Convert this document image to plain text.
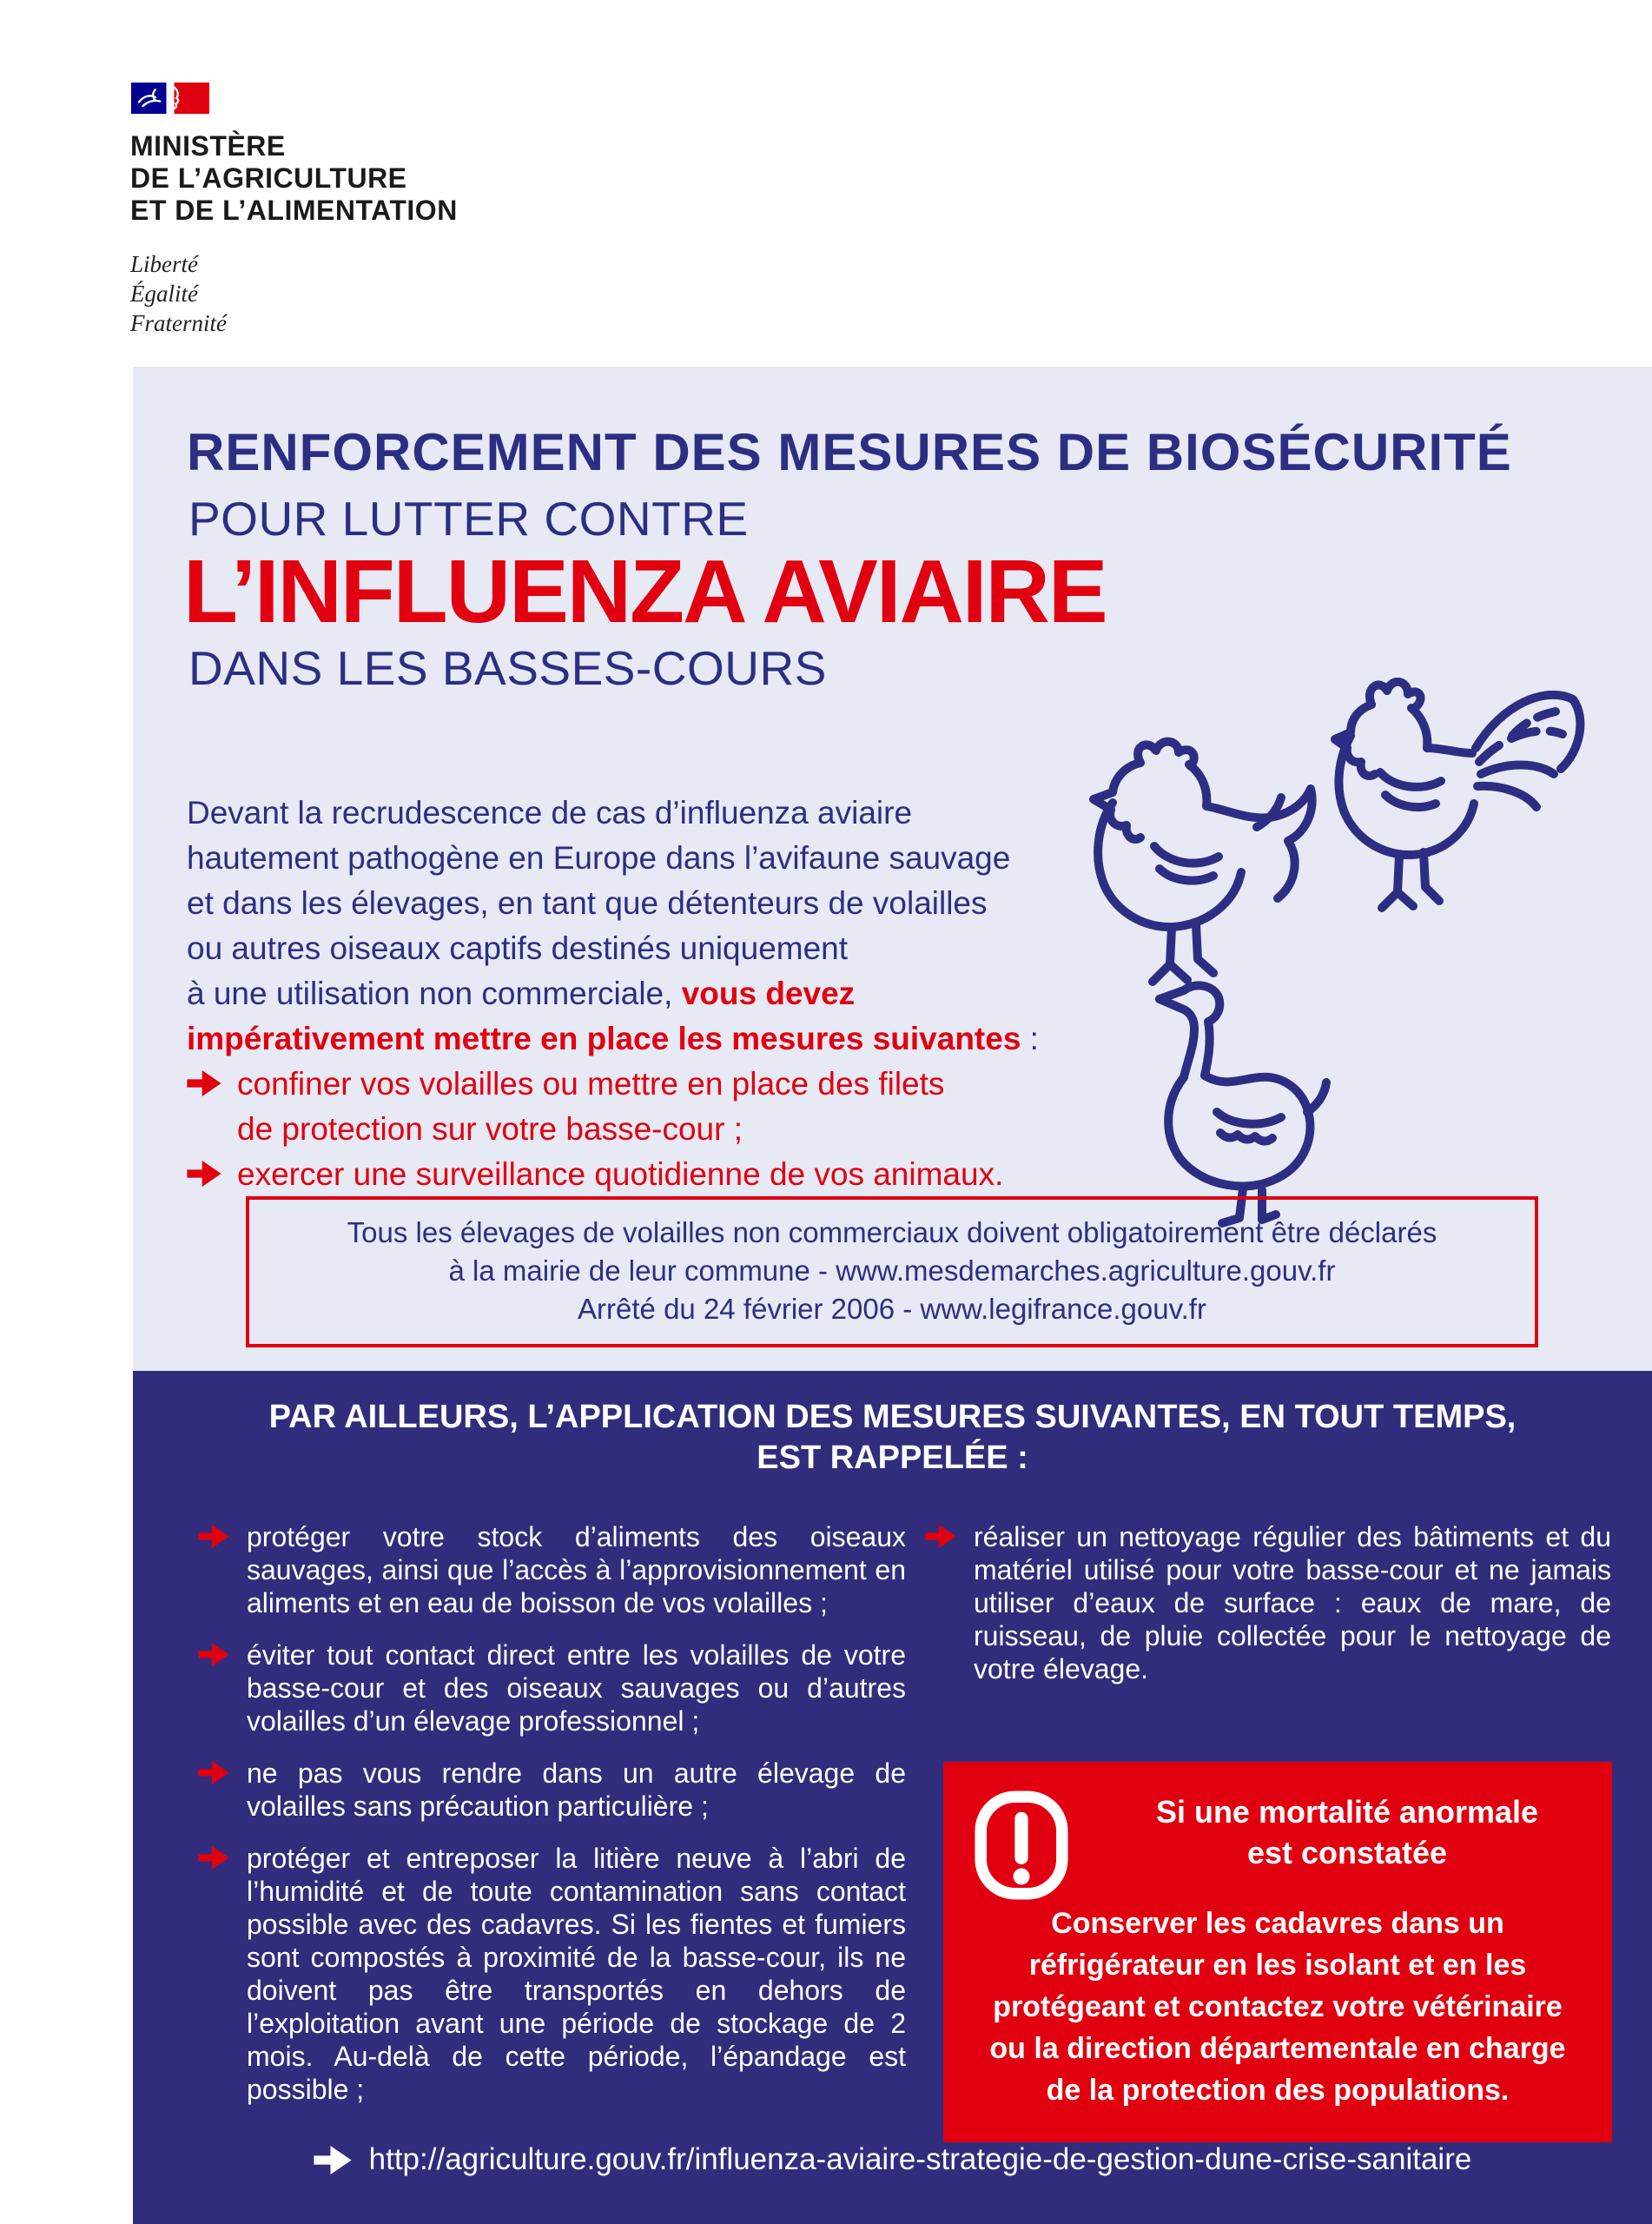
MINISTÈRE
DE L’AGRICULTURE
ET DE L’ALIMENTATION
Liberté
Égalité
Fraternité
RENFORCEMENT DES MESURES DE BIOSÉCURITÉ
POUR LUTTER CONTRE
L’INFLUENZA AVIAIRE
DANS LES BASSES-COURS
Devant la recrudescence de cas d’influenza aviaire
hautement pathogène en Europe dans l’avifaune sauvage
et dans les élevages, en tant que détenteurs de volailles
ou autres oiseaux captifs destinés uniquement
à une utilisation non commerciale, vous devez
impérativement mettre en place les mesures suivantes :
confiner vos volailles ou mettre en place des filets
de protection sur votre basse-cour ;
exercer une surveillance quotidienne de vos animaux.
Tous les élevages de volailles non commerciaux doivent obligatoirement être déclarés
à la mairie de leur commune - www.mesdemarches.agriculture.gouv.fr
Arrêté du 24 février 2006 - www.legifrance.gouv.fr
PAR AILLEURS, L’APPLICATION DES MESURES SUIVANTES, EN TOUT TEMPS,
EST RAPPELÉE :

protéger votre stock d’aliments des oiseaux sauvages, ainsi que l’accès à l’approvisionnement en aliments et en eau de boisson de vos volailles ;

éviter tout contact direct entre les volailles de votre basse-cour et des oiseaux sauvages ou d’autres volailles d’un élevage professionnel ;

ne pas vous rendre dans un autre élevage de volailles sans précaution particulière ;

protéger et entreposer la litière neuve à l’abri de l’humidité et de toute contamination sans contact possible avec des cadavres. Si les fientes et fumiers sont compostés à proximité de la basse-cour, ils ne doivent pas être transportés en dehors de l’exploitation avant une période de stockage de 2 mois. Au-delà de cette période, l’épandage est possible ;

réaliser un nettoyage régulier des bâtiments et du matériel utilisé pour votre basse-cour et ne jamais utiliser d’eaux de surface : eaux de mare, de ruisseau, de pluie collectée pour le nettoyage de votre élevage.

Si une mortalité anormale
est constatée
Conserver les cadavres dans un réfrigérateur en les isolant et en les protégeant et contactez votre vétérinaire ou la direction départementale en charge de la protection des populations.
http://agriculture.gouv.fr/influenza-aviaire-strategie-de-gestion-dune-crise-sanitaire
